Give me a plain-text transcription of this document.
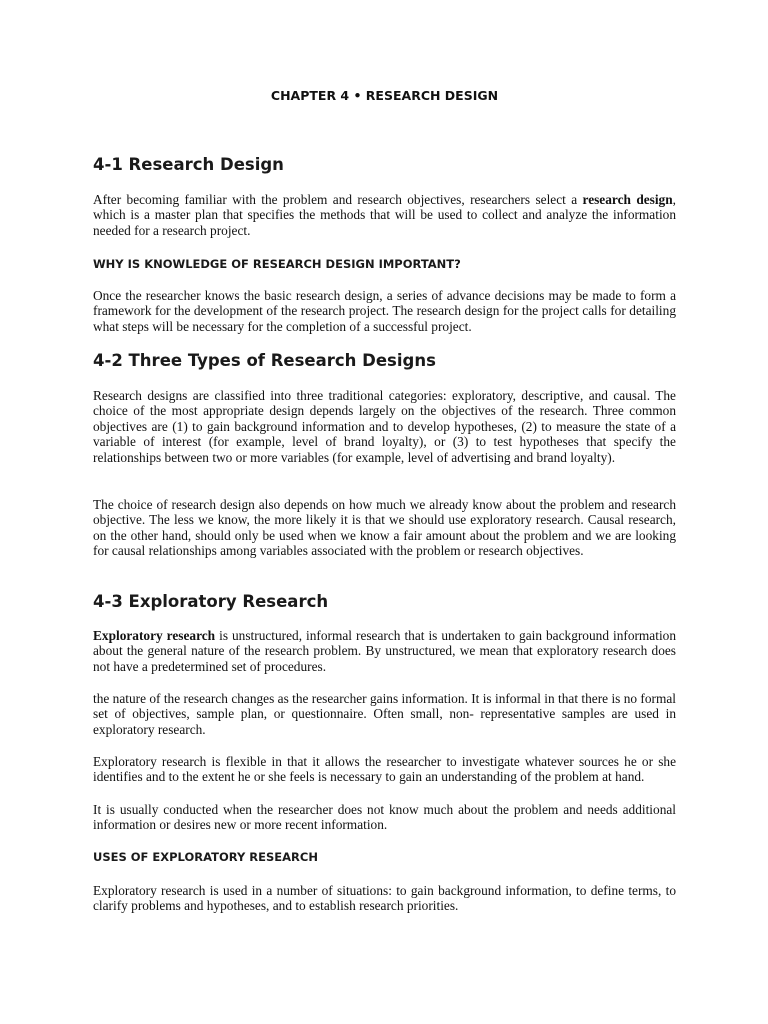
CHAPTER 4 • RESEARCH DESIGN
4-1 Research Design

After becoming familiar with the problem and research objectives, researchers select a research design, which is a master plan that specifies the methods that will be used to collect and analyze the information needed for a research project.

WHY IS KNOWLEDGE OF RESEARCH DESIGN IMPORTANT?

Once the researcher knows the basic research design, a series of advance decisions may be made to form a framework for the development of the research project. The research design for the project calls for detailing what steps will be necessary for the completion of a successful project.

4-2 Three Types of Research Designs

Research designs are classified into three traditional categories: exploratory, descriptive, and causal. The choice of the most appropriate design depends largely on the objectives of the research. Three common objectives are (1) to gain background information and to develop hypotheses, (2) to measure the state of a variable of interest (for example, level of brand loyalty), or (3) to test hypotheses that specify the relationships between two or more variables (for example, level of advertising and brand loyalty).

The choice of research design also depends on how much we already know about the problem and research objective. The less we know, the more likely it is that we should use exploratory research. Causal research, on the other hand, should only be used when we know a fair amount about the problem and we are looking for causal relationships among variables associated with the problem or research objectives.

4-3 Exploratory Research

Exploratory research is unstructured, informal research that is undertaken to gain background information about the general nature of the research problem. By unstructured, we mean that exploratory research does not have a predetermined set of procedures.

the nature of the research changes as the researcher gains information. It is informal in that there is no formal set of objectives, sample plan, or questionnaire. Often small, non- representative samples are used in exploratory research.

Exploratory research is flexible in that it allows the researcher to investigate whatever sources he or she identifies and to the extent he or she feels is necessary to gain an understanding of the problem at hand.

It is usually conducted when the researcher does not know much about the problem and needs additional information or desires new or more recent information.

USES OF EXPLORATORY RESEARCH

Exploratory research is used in a number of situations: to gain background information, to define terms, to clarify problems and hypotheses, and to establish research priorities.
